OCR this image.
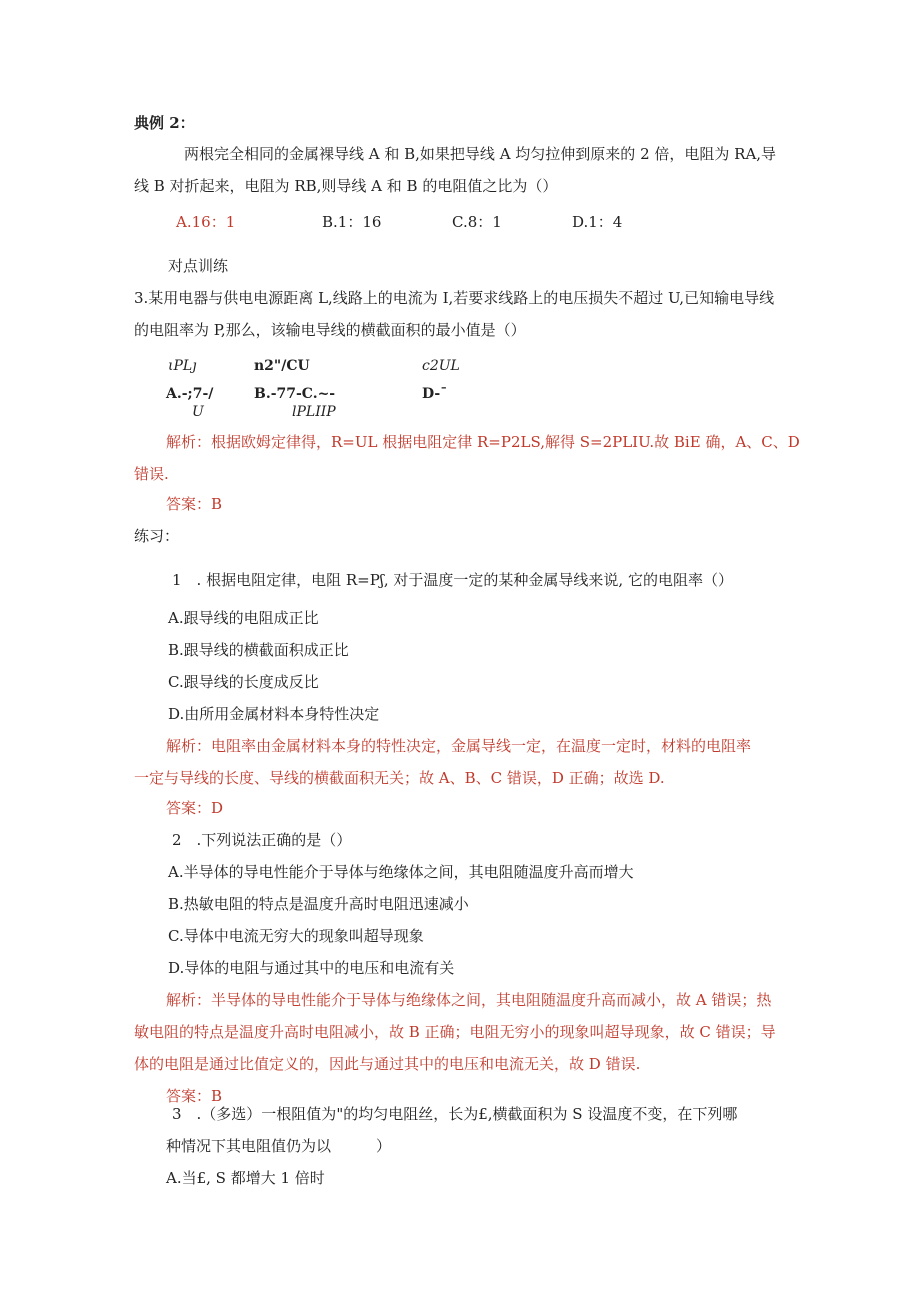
典例 2：
两根完全相同的金属裸导线 A 和 B,如果把导线 A 均匀拉伸到原来的 2 倍，电阻为 RA,导
线 B 对折起来，电阻为 RB,则导线 A 和 B 的电阻值之比为（）
A.16：1	B.1：16	C.8：1	D.1：4
对点训练
3.某用电器与供电电源距离 L,线路上的电流为 I,若要求线路上的电压损失不超过 U,已知输电导线
的电阻率为 P,那么，该输电导线的横截面积的最小值是（）
ιPLȷ	n2"/CU	c2UL
A.-;7-/	B.-77-C.~-	D-ˉ
U	lPLIIP
解析：根据欧姆定律得，R=UL 根据电阻定律 R=P2LS,解得 S=2PLIU.故 BiE 确，A、C、D
错误.
答案：B
练习：
1　. 根据电阻定律，电阻 R=Pʃ, 对于温度一定的某种金属导线来说, 它的电阻率（）
A.跟导线的电阻成正比
B.跟导线的横截面积成正比
C.跟导线的长度成反比
D.由所用金属材料本身特性决定
解析：电阻率由金属材料本身的特性决定，金属导线一定，在温度一定时，材料的电阻率
一定与导线的长度、导线的横截面积无关；故 A、B、C 错误，D 正确；故选 D.
答案：D
2　.下列说法正确的是（）
A.半导体的导电性能介于导体与绝缘体之间，其电阻随温度升高而增大
B.热敏电阻的特点是温度升高时电阻迅速减小
C.导体中电流无穷大的现象叫超导现象
D.导体的电阻与通过其中的电压和电流有关
解析：半导体的导电性能介于导体与绝缘体之间，其电阻随温度升高而减小，故 A 错误；热
敏电阻的特点是温度升高时电阻减小，故 B 正确；电阻无穷小的现象叫超导现象，故 C 错误；导
体的电阻是通过比值定义的，因此与通过其中的电压和电流无关，故 D 错误.
答案：B
3　.（多选）一根阻值为"的均匀电阻丝，长为£,横截面积为 S 设温度不变，在下列哪
种情况下其电阻值仍为以　　　）
A.当£, S 都增大 1 倍时
